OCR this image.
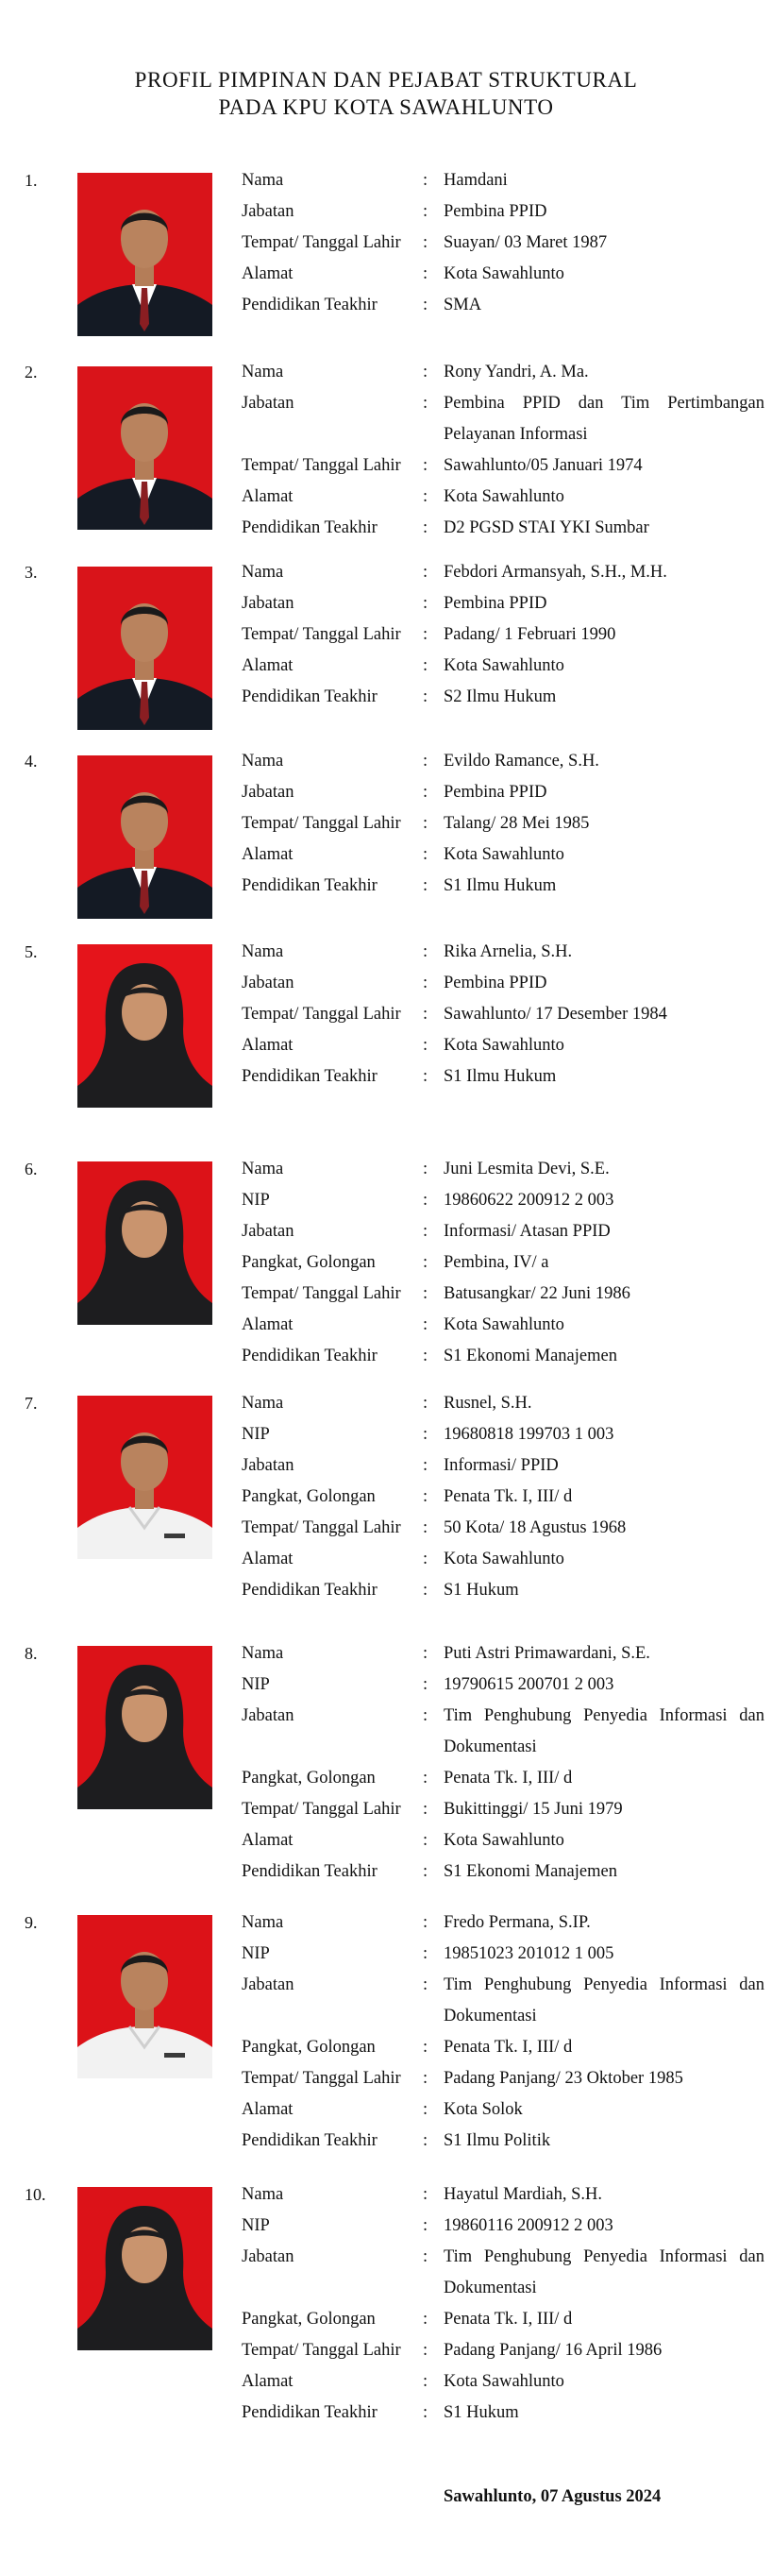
PROFIL PIMPINAN DAN PEJABAT STRUKTURAL
PADA KPU KOTA SAWAHLUNTO
1.	Nama	: Hamdani
Jabatan	: Pembina PPID
Tempat/ Tanggal Lahir : Suayan/ 03 Maret 1987
Alamat	: Kota Sawahlunto
Pendidikan Teakhir	: SMA
2.	Nama	: Rony Yandri, A. Ma.
Jabatan	: Pembina PPID dan Tim Pertimbangan Pelayanan Informasi
Tempat/ Tanggal Lahir : Sawahlunto/05 Januari 1974
Alamat	: Kota Sawahlunto
Pendidikan Teakhir	: D2 PGSD STAI YKI Sumbar
3.	Nama	: Febdori Armansyah, S.H., M.H.
Jabatan	: Pembina PPID
Tempat/ Tanggal Lahir : Padang/ 1 Februari 1990
Alamat	: Kota Sawahlunto
Pendidikan Teakhir	: S2 Ilmu Hukum
4.	Nama	: Evildo Ramance, S.H.
Jabatan	: Pembina PPID
Tempat/ Tanggal Lahir : Talang/ 28 Mei 1985
Alamat	: Kota Sawahlunto
Pendidikan Teakhir	: S1 Ilmu Hukum
5.	Nama	: Rika Arnelia, S.H.
Jabatan	: Pembina PPID
Tempat/ Tanggal Lahir : Sawahlunto/ 17 Desember 1984
Alamat	: Kota Sawahlunto
Pendidikan Teakhir	: S1 Ilmu Hukum
6.	Nama	: Juni Lesmita Devi, S.E.
NIP	: 19860622 200912 2 003
Jabatan	: Informasi/ Atasan PPID
Pangkat, Golongan	: Pembina, IV/ a
Tempat/ Tanggal Lahir : Batusangkar/ 22 Juni 1986
Alamat	: Kota Sawahlunto
Pendidikan Teakhir	: S1 Ekonomi Manajemen
7.	Nama	: Rusnel, S.H.
NIP	: 19680818 199703 1 003
Jabatan	: Informasi/ PPID
Pangkat, Golongan	: Penata Tk. I, III/ d
Tempat/ Tanggal Lahir : 50 Kota/ 18 Agustus 1968
Alamat	: Kota Sawahlunto
Pendidikan Teakhir	: S1 Hukum
8.	Nama	: Puti Astri Primawardani, S.E.
NIP	: 19790615 200701 2 003
Jabatan	: Tim Penghubung Penyedia Informasi dan Dokumentasi
Pangkat, Golongan	: Penata Tk. I, III/ d
Tempat/ Tanggal Lahir : Bukittinggi/ 15 Juni 1979
Alamat	: Kota Sawahlunto
Pendidikan Teakhir	: S1 Ekonomi Manajemen
9.	Nama	: Fredo Permana, S.IP.
NIP	: 19851023 201012 1 005
Jabatan	: Tim Penghubung Penyedia Informasi dan Dokumentasi
Pangkat, Golongan	: Penata Tk. I, III/ d
Tempat/ Tanggal Lahir : Padang Panjang/ 23 Oktober 1985
Alamat	: Kota Solok
Pendidikan Teakhir	: S1 Ilmu Politik
10.	Nama	: Hayatul Mardiah, S.H.
NIP	: 19860116 200912 2 003
Jabatan	: Tim Penghubung Penyedia Informasi dan Dokumentasi
Pangkat, Golongan	: Penata Tk. I, III/ d
Tempat/ Tanggal Lahir : Padang Panjang/ 16 April 1986
Alamat	: Kota Sawahlunto
Pendidikan Teakhir	: S1 Hukum
Sawahlunto, 07 Agustus 2024
